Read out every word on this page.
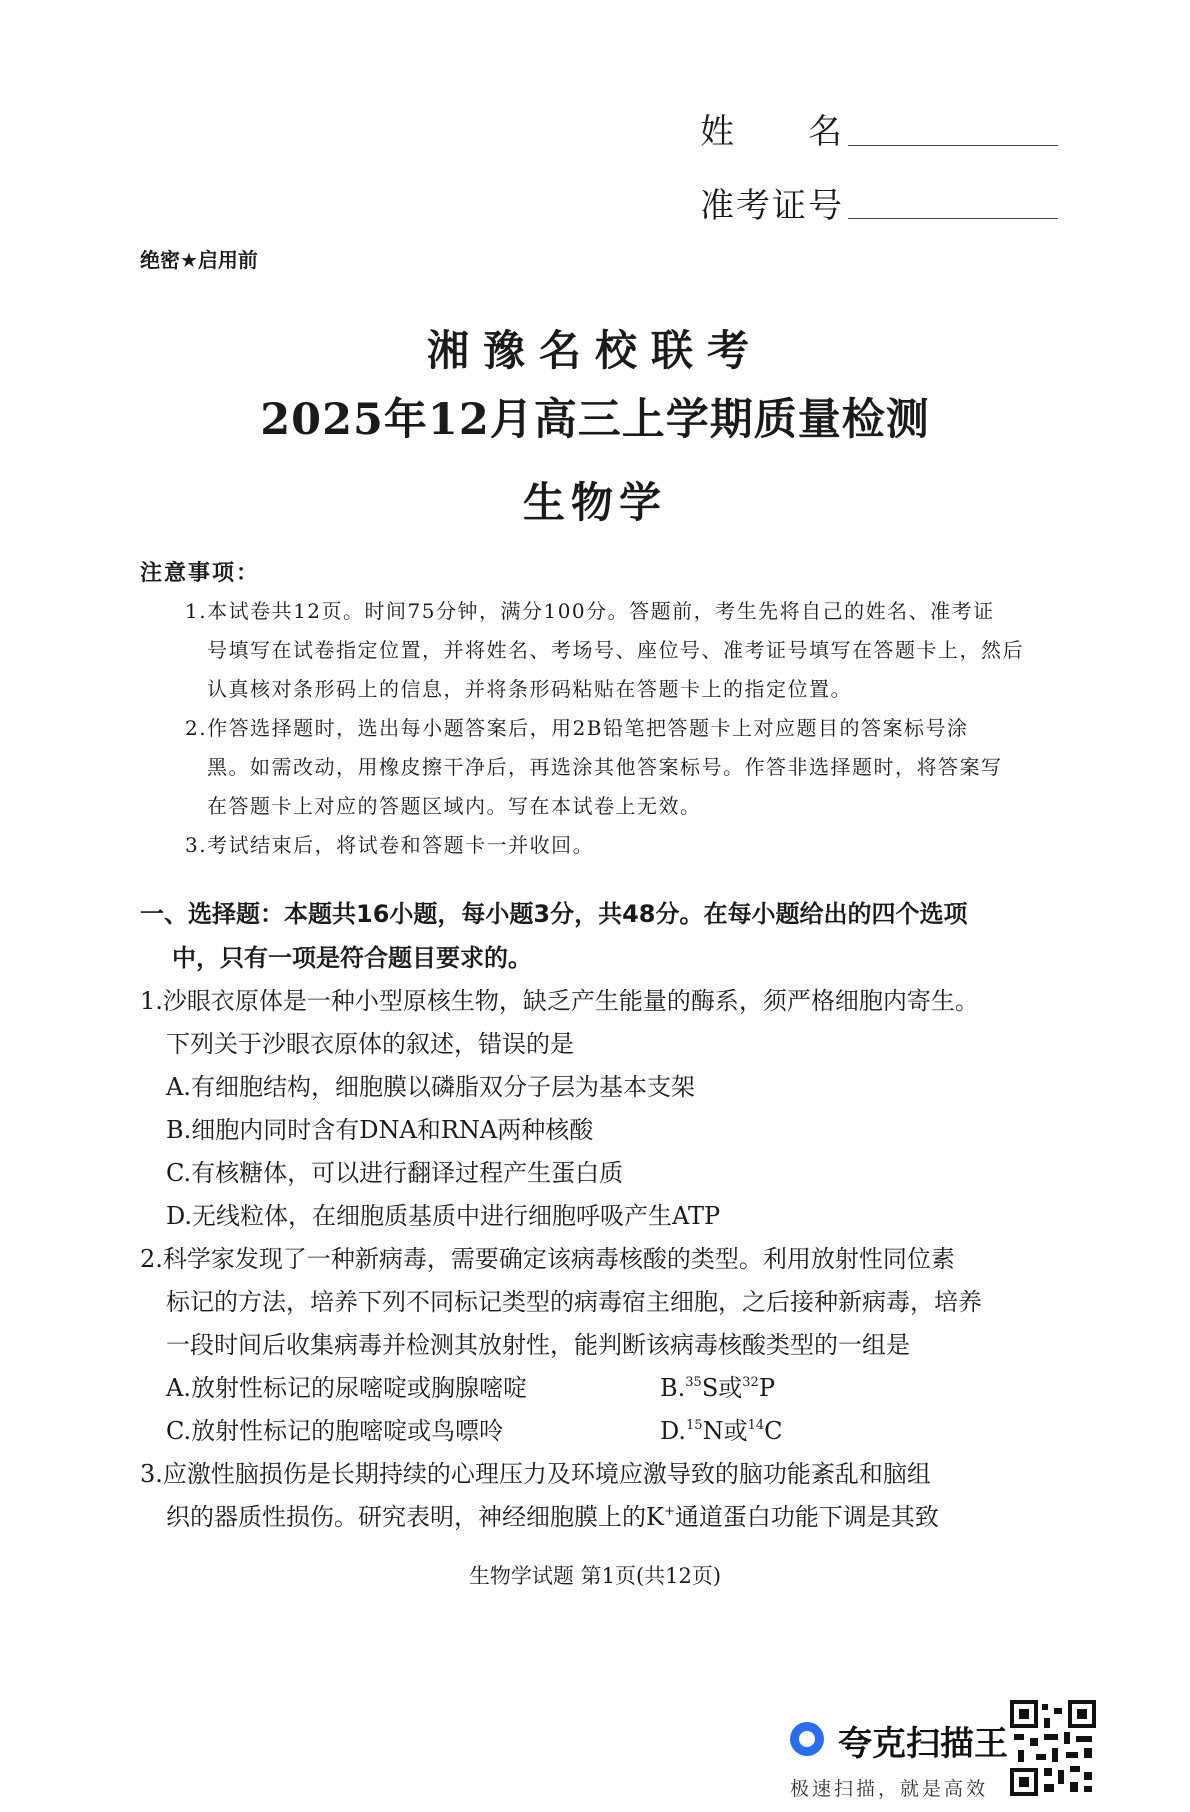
姓　　名
准考证号
绝密★启用前
湘豫名校联考
2025年12月高三上学期质量检测
生物学
注意事项：
1.本试卷共12页。时间75分钟，满分100分。答题前，考生先将自己的姓名、准考证
号填写在试卷指定位置，并将姓名、考场号、座位号、准考证号填写在答题卡上，然后
认真核对条形码上的信息，并将条形码粘贴在答题卡上的指定位置。
2.作答选择题时，选出每小题答案后，用2B铅笔把答题卡上对应题目的答案标号涂
黑。如需改动，用橡皮擦干净后，再选涂其他答案标号。作答非选择题时，将答案写
在答题卡上对应的答题区域内。写在本试卷上无效。
3.考试结束后，将试卷和答题卡一并收回。
一、选择题：本题共16小题，每小题3分，共48分。在每小题给出的四个选项
中，只有一项是符合题目要求的。
1.沙眼衣原体是一种小型原核生物，缺乏产生能量的酶系，须严格细胞内寄生。
下列关于沙眼衣原体的叙述，错误的是
A.有细胞结构，细胞膜以磷脂双分子层为基本支架
B.细胞内同时含有DNA和RNA两种核酸
C.有核糖体，可以进行翻译过程产生蛋白质
D.无线粒体，在细胞质基质中进行细胞呼吸产生ATP
2.科学家发现了一种新病毒，需要确定该病毒核酸的类型。利用放射性同位素
标记的方法，培养下列不同标记类型的病毒宿主细胞，之后接种新病毒，培养
一段时间后收集病毒并检测其放射性，能判断该病毒核酸类型的一组是
A.放射性标记的尿嘧啶或胸腺嘧啶	B.$^{35}$S或$^{32}$P
C.放射性标记的胞嘧啶或鸟嘌呤	D.$^{15}$N或$^{14}$C
3.应激性脑损伤是长期持续的心理压力及环境应激导致的脑功能紊乱和脑组
织的器质性损伤。研究表明，神经细胞膜上的K+通道蛋白功能下调是其致
生物学试题 第1页(共12页)
夸克扫描王
极速扫描，就是高效
